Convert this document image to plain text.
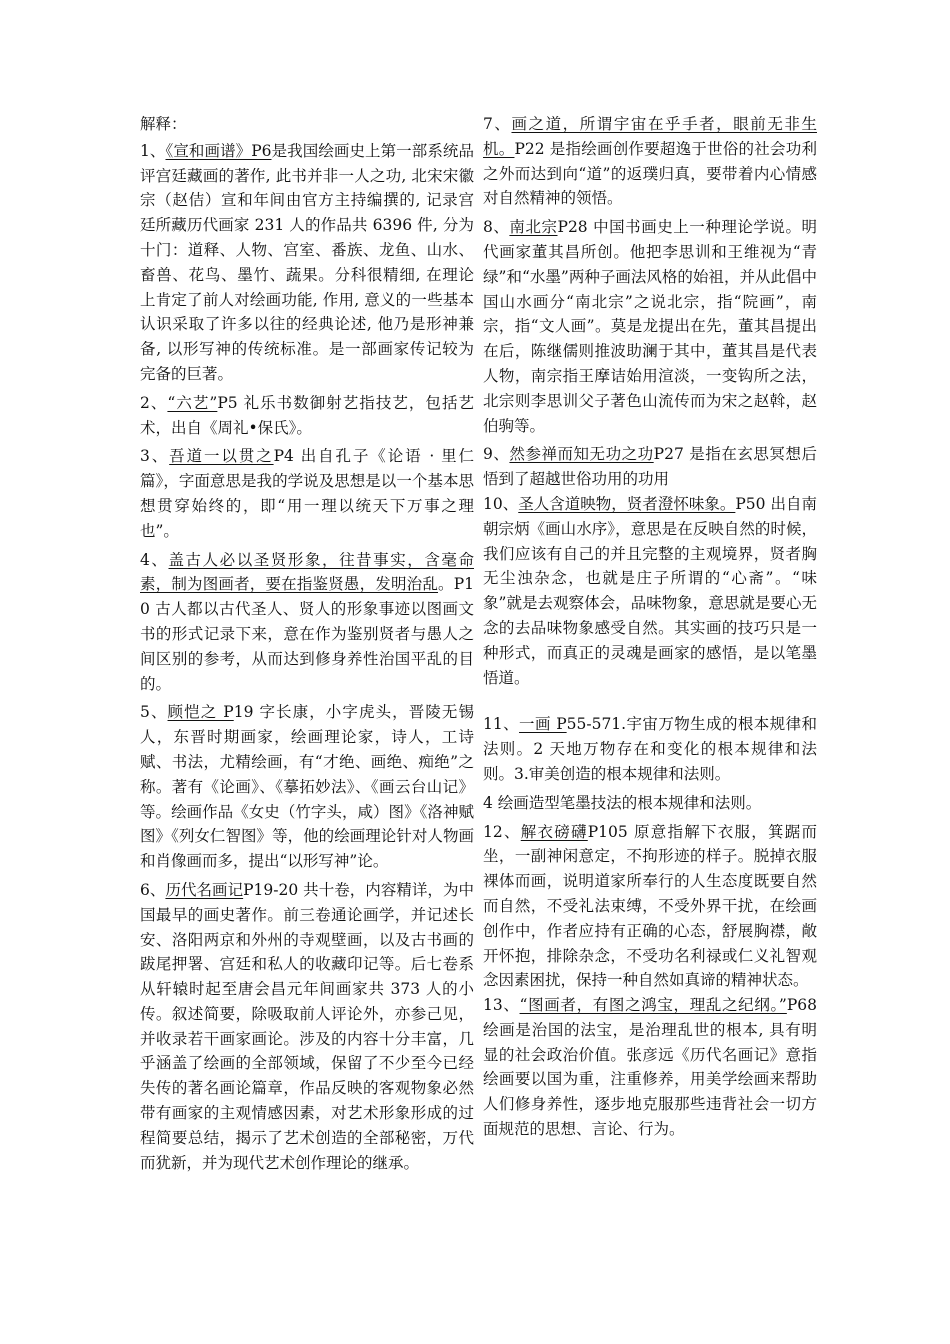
解释：

1、《宣和画谱》P6是我国绘画史上第一部系统品评宫廷藏画的著作, 此书并非一人之功, 北宋宋徽宗（赵佶）宣和年间由官方主持编撰的, 记录宫廷所藏历代画家 231 人的作品共 6396 件, 分为十门：道释、人物、宫室、番族、龙鱼、山水、畜兽、花鸟、墨竹、蔬果。分科很精细, 在理论上肯定了前人对绘画功能, 作用, 意义的一些基本认识采取了许多以往的经典论述, 他乃是形神兼备, 以形写神的传统标准。是一部画家传记较为完备的巨著。

2、“六艺”P5 礼乐书数御射艺指技艺，包括艺术，出自《周礼•保氏》。

3、吾道一以贯之P4 出自孔子《论语 · 里仁篇》，字面意思是我的学说及思想是以一个基本思想贯穿始终的，即“用一理以统天下万事之理也”。

4、盖古人必以圣贤形象，往昔事实，含毫命素，制为图画者，要在指鉴贤愚，发明治乱。P10 古人都以古代圣人、贤人的形象事迹以图画文书的形式记录下来，意在作为鉴别贤者与愚人之间区别的参考，从而达到修身养性治国平乱的目的。

5、顾恺之 P19 字长康，小字虎头，晋陵无锡人，东晋时期画家，绘画理论家，诗人，工诗赋、书法，尤精绘画，有“才绝、画绝、痴绝”之称。著有《论画》、《摹拓妙法》、《画云台山记》等。绘画作品《女史（竹字头，咸）图》《洛神赋图》《列女仁智图》等，他的绘画理论针对人物画和肖像画而多，提出“以形写神”论。

6、历代名画记P19-20 共十卷，内容精详，为中国最早的画史著作。前三卷通论画学，并记述长安、洛阳两京和外州的寺观壁画，以及古书画的跋尾押署、宫廷和私人的收藏印记等。后七卷系从轩辕时起至唐会昌元年间画家共 373 人的小传。叙述简要，除吸取前人评论外，亦参己见，并收录若干画家画论。涉及的内容十分丰富，几乎涵盖了绘画的全部领域，保留了不少至今已经失传的著名画论篇章，作品反映的客观物象必然带有画家的主观情感因素，对艺术形象形成的过程简要总结，揭示了艺术创造的全部秘密，万代而犹新，并为现代艺术创作理论的继承。

7、画之道，所谓宇宙在乎手者，眼前无非生机。P22 是指绘画创作要超逸于世俗的社会功利之外而达到向“道”的返璞归真，要带着内心情感对自然精神的领悟。

8、南北宗P28 中国书画史上一种理论学说。明代画家董其昌所创。他把李思训和王维视为“青绿”和“水墨”两种子画法风格的始祖，并从此倡中国山水画分“南北宗”之说北宗，指“院画”，南宗，指“文人画”。莫是龙提出在先，董其昌提出在后，陈继儒则推波助澜于其中，董其昌是代表人物，南宗指王摩诘始用渲淡，一变钩所之法，北宗则李思训父子著色山流传而为宋之赵斡，赵伯驹等。

9、然参禅而知无功之功P27 是指在玄思冥想后悟到了超越世俗功用的功用

10、圣人含道映物，贤者澄怀味象。P50 出自南朝宗炳《画山水序》，意思是在反映自然的时候，我们应该有自己的并且完整的主观境界，贤者胸无尘浊杂念，也就是庄子所谓的“心斋”。“味象”就是去观察体会，品味物象，意思就是要心无念的去品味物象感受自然。其实画的技巧只是一种形式，而真正的灵魂是画家的感悟，是以笔墨悟道。

11、一画 P55-571.宇宙万物生成的根本规律和法则。2 天地万物存在和变化的根本规律和法则。3.审美创造的根本规律和法则。

4 绘画造型笔墨技法的根本规律和法则。

12、解衣磅礴P105 原意指解下衣服，箕踞而坐，一副神闲意定，不拘形迹的样子。脱掉衣服裸体而画，说明道家所奉行的人生态度既要自然而自然，不受礼法束缚，不受外界干扰，在绘画创作中，作者应持有正确的心态，舒展胸襟，敞开怀抱，排除杂念，不受功名利禄或仁义礼智观念因素困扰，保持一种自然如真谛的精神状态。

13、“图画者，有图之鸿宝，理乱之纪纲。”P68 绘画是治国的法宝，是治理乱世的根本, 具有明显的社会政治价值。张彦远《历代名画记》意指绘画要以国为重，注重修养，用美学绘画来帮助人们修身养性，逐步地克服那些违背社会一切方面规范的思想、言论、行为。
